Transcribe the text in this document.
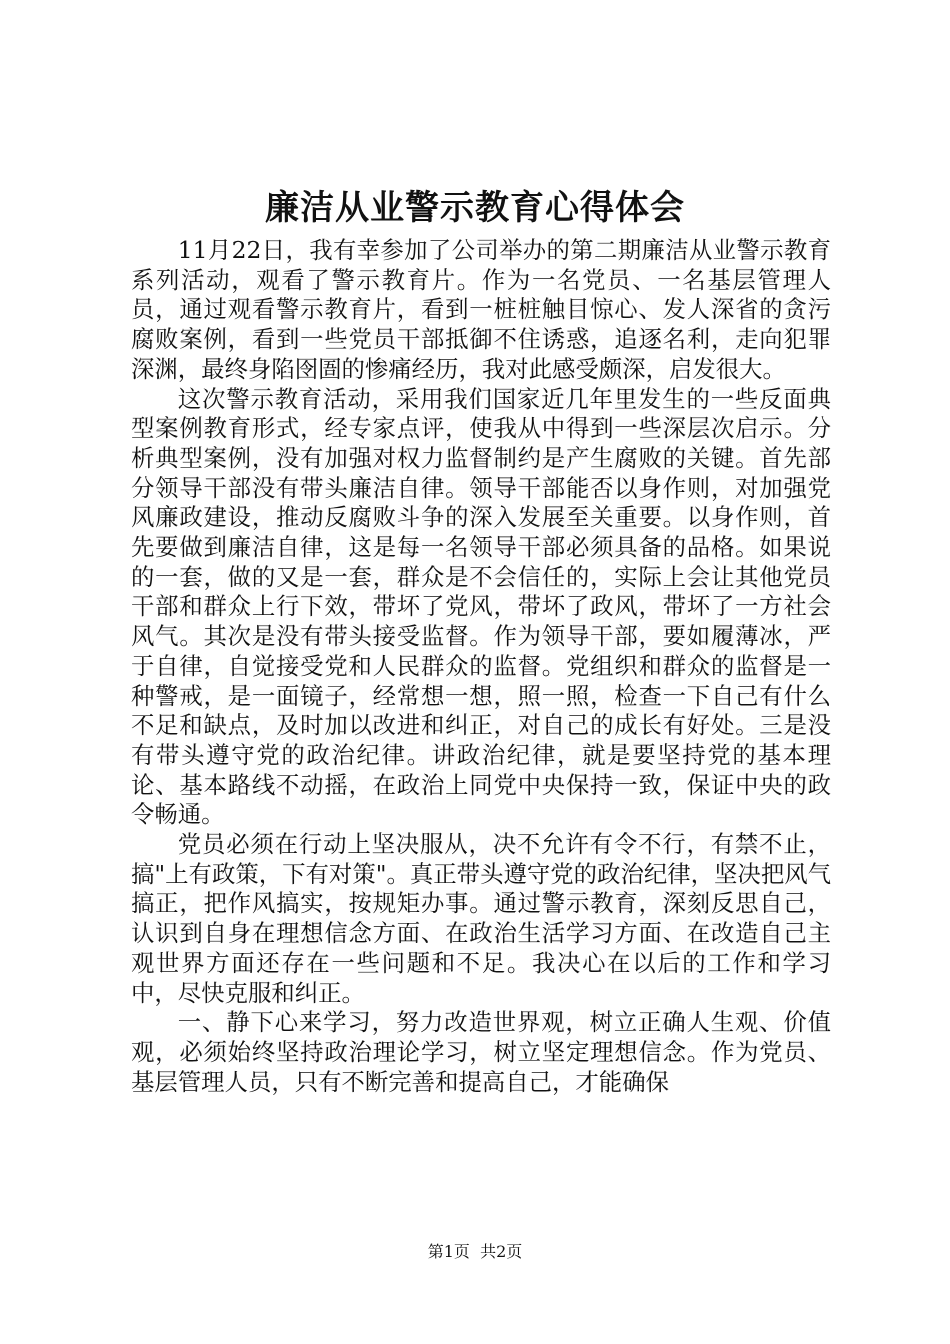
廉洁从业警示教育心得体会

11月22日，我有幸参加了公司举办的第二期廉洁从业警示教育系列活动，观看了警示教育片。作为一名党员、一名基层管理人员，通过观看警示教育片，看到一桩桩触目惊心、发人深省的贪污腐败案例，看到一些党员干部抵御不住诱惑，追逐名利，走向犯罪深渊，最终身陷囹圄的惨痛经历，我对此感受颇深，启发很大。

这次警示教育活动，采用我们国家近几年里发生的一些反面典型案例教育形式，经专家点评，使我从中得到一些深层次启示。分析典型案例，没有加强对权力监督制约是产生腐败的关键。首先部分领导干部没有带头廉洁自律。领导干部能否以身作则，对加强党风廉政建设，推动反腐败斗争的深入发展至关重要。以身作则，首先要做到廉洁自律，这是每一名领导干部必须具备的品格。如果说的一套，做的又是一套，群众是不会信任的，实际上会让其他党员干部和群众上行下效，带坏了党风，带坏了政风，带坏了一方社会风气。其次是没有带头接受监督。作为领导干部，要如履薄冰，严于自律，自觉接受党和人民群众的监督。党组织和群众的监督是一种警戒，是一面镜子，经常想一想，照一照，检查一下自己有什么不足和缺点，及时加以改进和纠正，对自己的成长有好处。三是没有带头遵守党的政治纪律。讲政治纪律，就是要坚持党的基本理论、基本路线不动摇，在政治上同党中央保持一致，保证中央的政令畅通。

党员必须在行动上坚决服从，决不允许有令不行，有禁不止，搞"上有政策，下有对策"。真正带头遵守党的政治纪律，坚决把风气搞正，把作风搞实，按规矩办事。通过警示教育，深刻反思自己，认识到自身在理想信念方面、在政治生活学习方面、在改造自己主观世界方面还存在一些问题和不足。我决心在以后的工作和学习中，尽快克服和纠正。

一、静下心来学习，努力改造世界观，树立正确人生观、价值观，必须始终坚持政治理论学习，树立坚定理想信念。作为党员、基层管理人员，只有不断完善和提高自己，才能确保

第1页 共2页
